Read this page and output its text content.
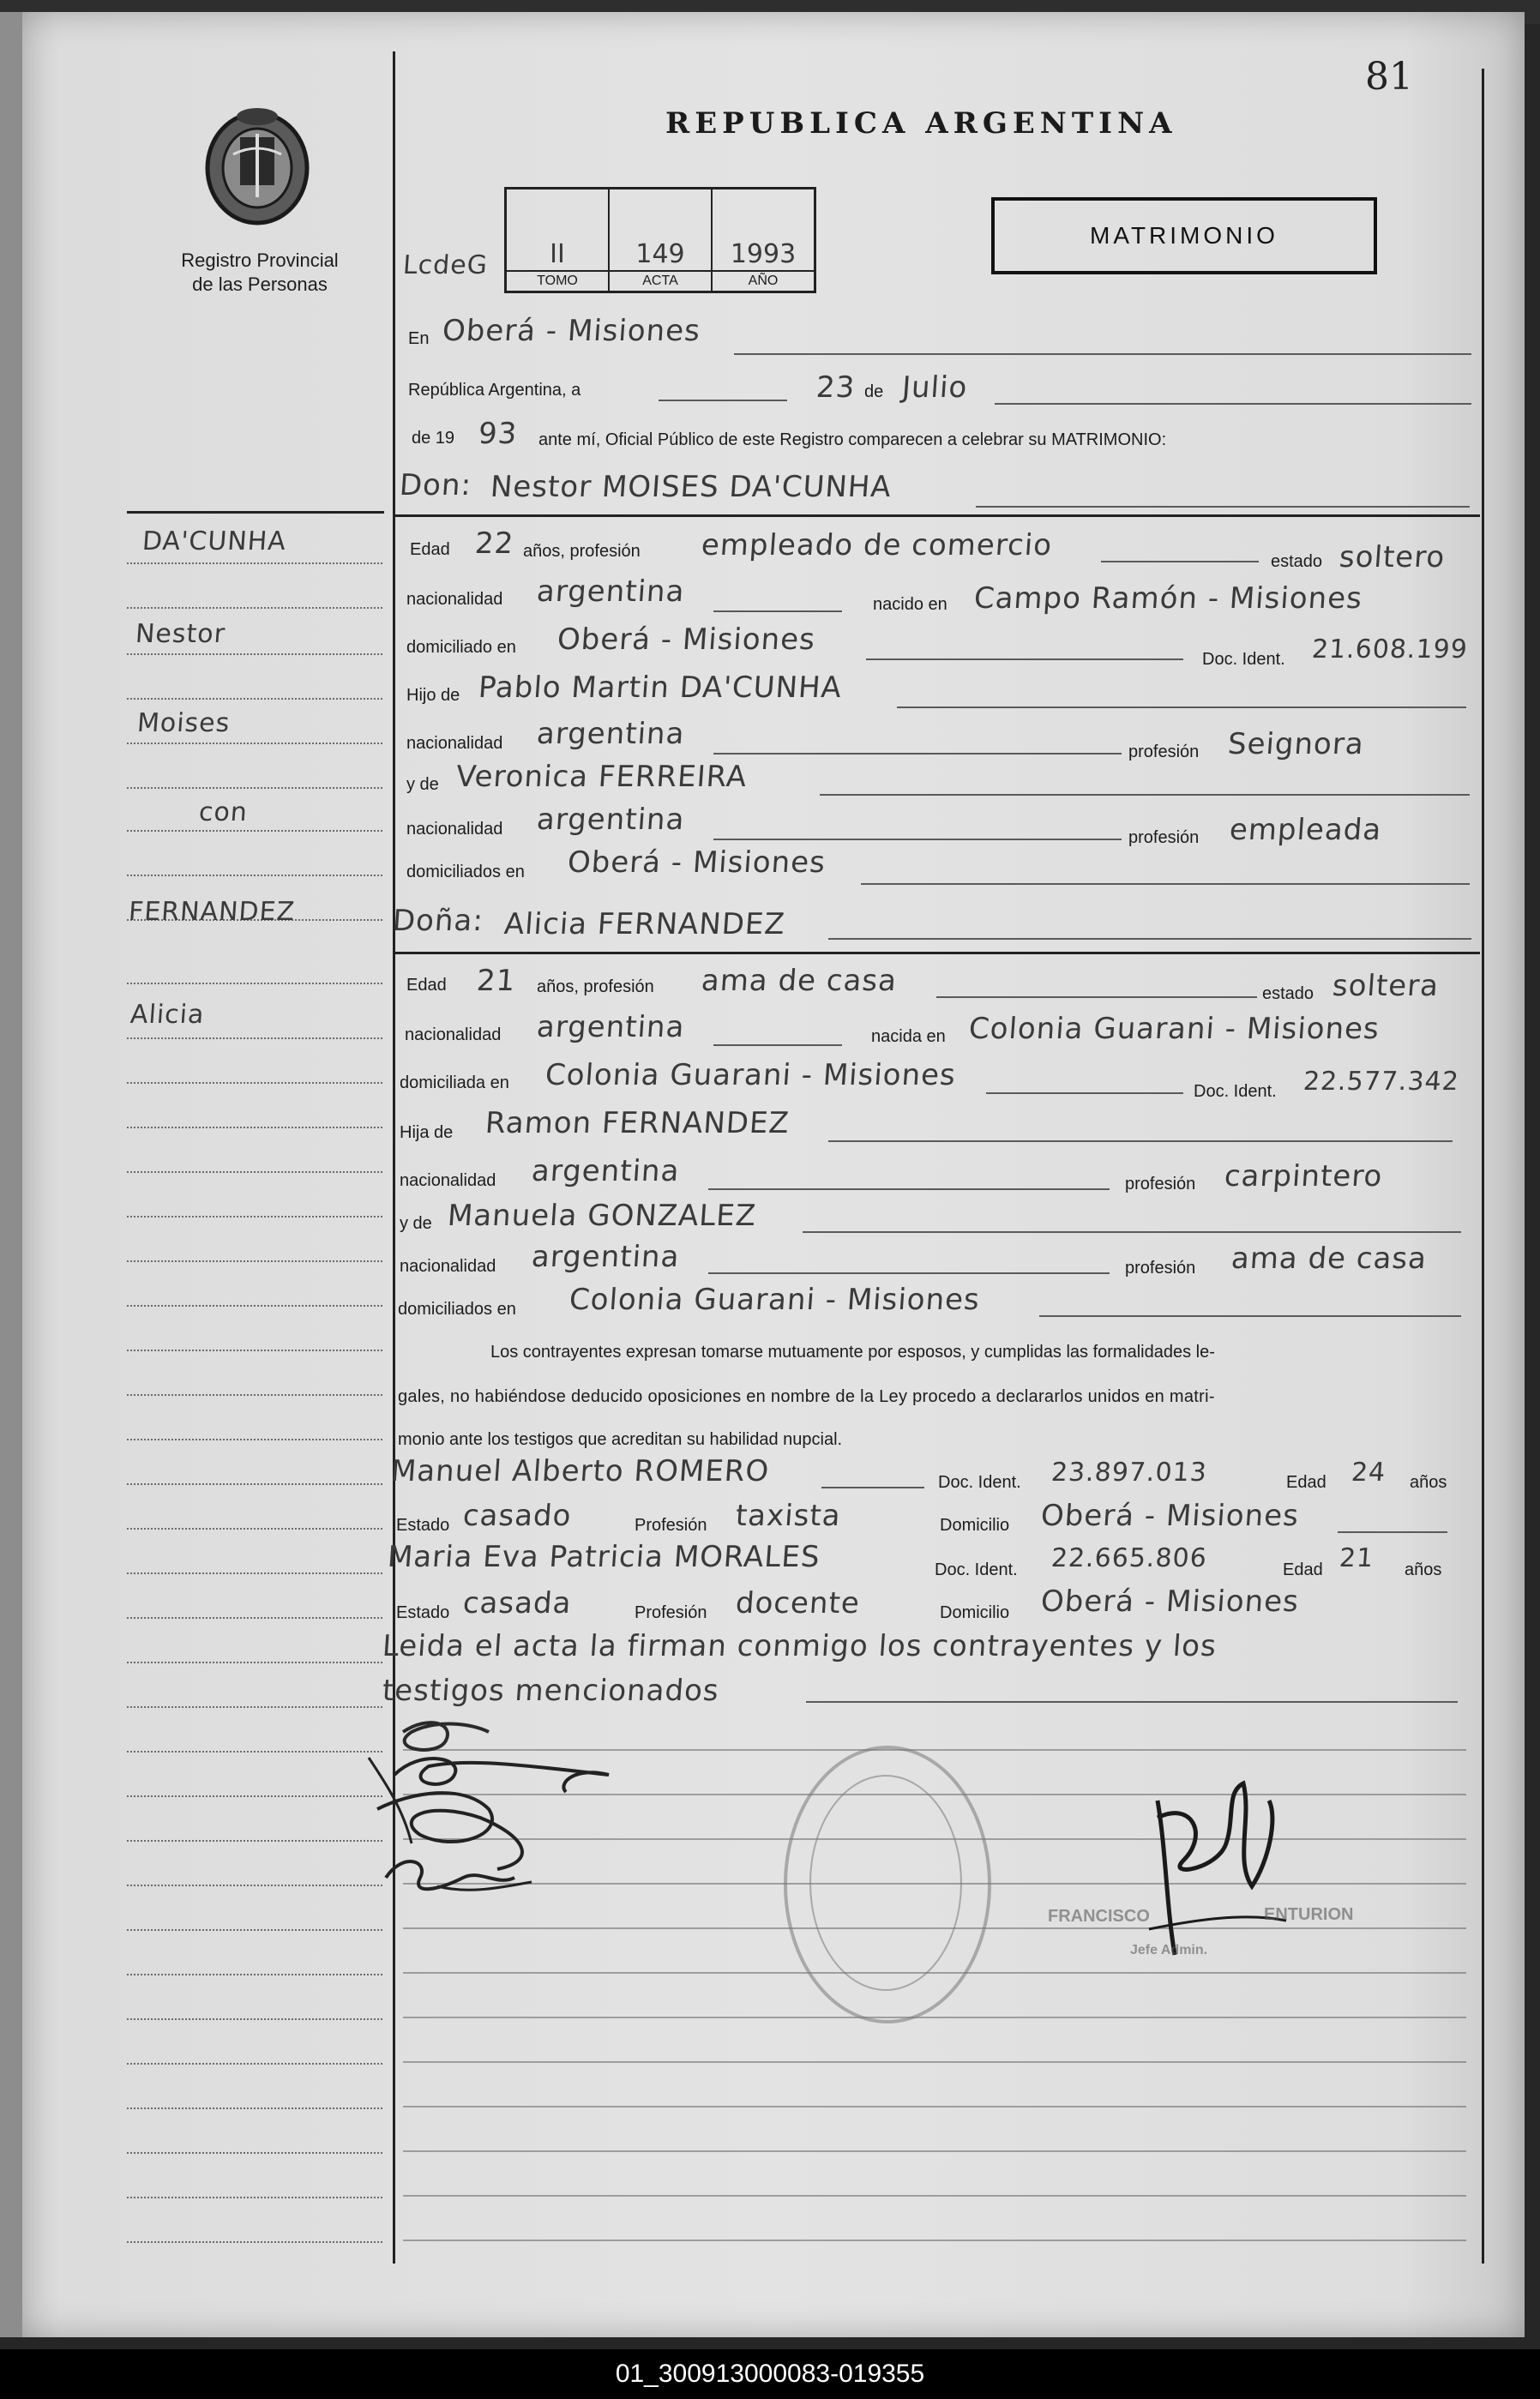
81
Registro Provincial
de las Personas
REPUBLICA ARGENTINA
LcdeG II
TOMO
149
ACTA
1993
AÑO
MATRIMONIO
DA'CUNHA
Nestor
Moises
con
FERNANDEZ
Alicia
En Oberá - Misiones
República Argentina, a	23 de Julio
de 19 93 ante mí, Oficial Público de este Registro comparecen a celebrar su MATRIMONIO:
Don: Nestor MOISES DA'CUNHA
Edad 22 años, profesión empleado de comercio	estado soltero
nacionalidad argentina	nacido en Campo Ramón - Misiones
domiciliado en Oberá - Misiones
Doc. Ident. 21.608.199
Hijo de Pablo Martin DA'CUNHA
nacionalidad argentina
profesión Seignora
y de Veronica FERREIRA
nacionalidad argentina
profesión empleada
domiciliados en Oberá - Misiones
Doña: Alicia FERNANDEZ
Edad 21 años, profesión ama de casa	estado soltera
nacionalidad argentina	nacida en Colonia Guarani - Misiones
domiciliada en Colonia Guarani - Misiones	Doc. Ident. 22.577.342
Hija de Ramon FERNANDEZ
nacionalidad argentina	profesión carpintero
y de Manuela GONZALEZ
nacionalidad argentina	profesión ama de casa
domiciliados en Colonia Guarani - Misiones
Los contrayentes expresan tomarse mutuamente por esposos, y cumplidas las formalidades le-
gales, no habiéndose deducido oposiciones en nombre de la Ley procedo a declararlos unidos en matri-
monio ante los testigos que acreditan su habilidad nupcial.
Manuel Alberto ROMERO	Doc. Ident. 23.897.013	Edad 24 años
Estado casado	Profesión taxista	Domicilio Oberá - Misiones
Maria Eva Patricia MORALES	Doc. Ident. 22.665.806	Edad 21 años
Estado casada	Profesión docente	Domicilio Oberá - Misiones
Leida el acta la firman conmigo los contrayentes y los
testigos mencionados
FRANCISCO	ENTURION
Jefe Admin.
01_300913000083-019355
